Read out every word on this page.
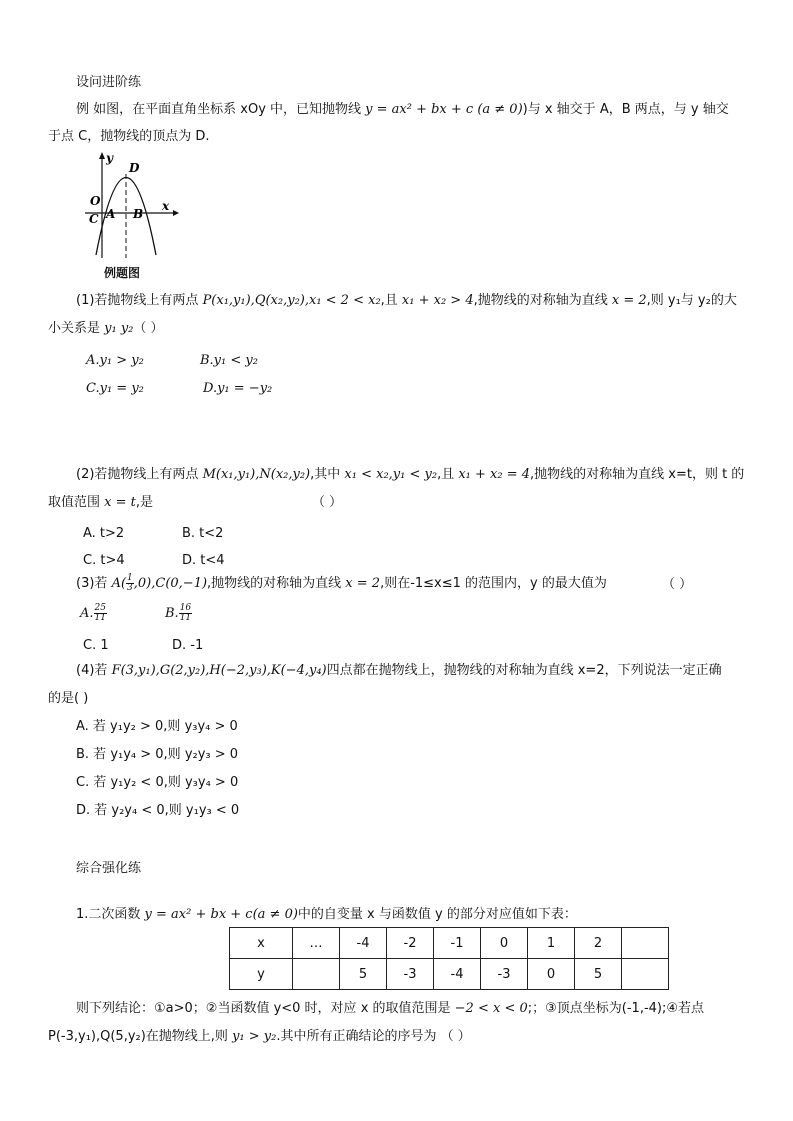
设问进阶练
例 如图，在平面直角坐标系 xOy 中，已知抛物线 y = ax² + bx + c (a ≠ 0))与 x 轴交于 A，B 两点，与 y 轴交
于点 C，抛物线的顶点为 D.
y
D
O
C A B
x
例题图
(1)若抛物线上有两点 P(x₁,y₁),Q(x₂,y₂),x₁ < 2 < x₂,且 x₁ + x₂ > 4,抛物线的对称轴为直线 x = 2,则 y₁与 y₂的大
小关系是 y₁ y₂（ ）
A.y₁ > y₂	B.y₁ < y₂
C.y₁ = y₂	D.y₁ = −y₂
(2)若抛物线上有两点 M(x₁,y₁),N(x₂,y₂),其中 x₁ < x₂,y₁ < y₂,且 x₁ + x₂ = 4,抛物线的对称轴为直线 x=t，则 t 的
取值范围 x = t,是	（ ）
A. t>2	B. t<2
C. t>4	D. t<4
(3)若 $A( \frac{1}{3} ,0),C(0,-1)$,抛物线的对称轴为直线 x = 2,则在-1≤x≤1 的范围内，y 的最大值为	（ ）
A. $\frac{25}{11}$	B. $\frac{16}{11}$
C. 1	D. -1
(4)若 F(3,y₁),G(2,y₂),H(−2,y₃),K(−4,y₄)四点都在抛物线上，抛物线的对称轴为直线 x=2，下列说法一定正确
的是( )
A. 若 y₁y₂ > 0,则 y₃y₄ > 0
B. 若 y₁y₄ > 0,则 y₂y₃ > 0
C. 若 y₁y₂ < 0,则 y₃y₄ > 0
D. 若 y₂y₄ < 0,则 y₁y₃ < 0
综合强化练
1.二次函数 y = ax² + bx + c(a ≠ 0)中的自变量 x 与函数值 y 的部分对应值如下表：
x	…	-4	-2	-1	0	1	2	
y		5	-3	-4	-3	0	5	
则下列结论：①a>0；②当函数值 y<0 时，对应 x 的取值范围是 −2 < x < 0;；③顶点坐标为(-1,-4);④若点
P(-3,y₁),Q(5,y₂)在抛物线上,则 y₁ > y₂.其中所有正确结论的序号为 （ ）
